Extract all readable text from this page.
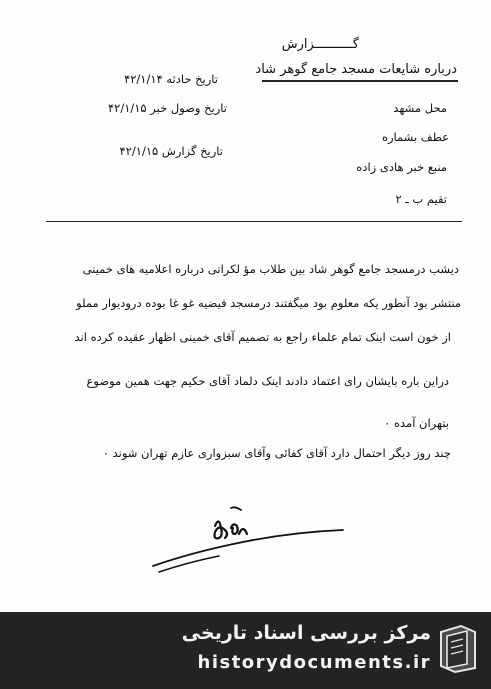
گــــــــــزارش
درباره شایعات مسجد جامع گوهر شاد
تاریخ حادثه ۴۲/۱/۱۴
تاریخ وصول خبر ۴۲/۱/۱۵
تاریخ گزارش ۴۲/۱/۱۵
محل مشهد
عطف بشماره
منبع خبر هادی زاده
تقیم ب ـ ۲
دیشب درمسجد جامع گوهر شاد بین طلاب مؤ لکراتی درباره اعلامیه های خمینی
منتشر بود آنطور یکه معلوم بود میگفتند درمسجد فیضیه غو غا بوده درودیوار مملو
از خون است اینک تمام علماء راجع به تصمیم آقای خمینی اظهار عقیده کرده اند
دراین باره بایشان رای اعتماد دادند اینک دلماد آقای حکیم جهت همین موضوع
بتهران آمده ۰
چند روز دیگر احتمال دارد آقای کفائی وآقای سبزواری عازم تهران شوند ۰
مرکز بررسی اسناد تاریخی
historydocuments.ir
